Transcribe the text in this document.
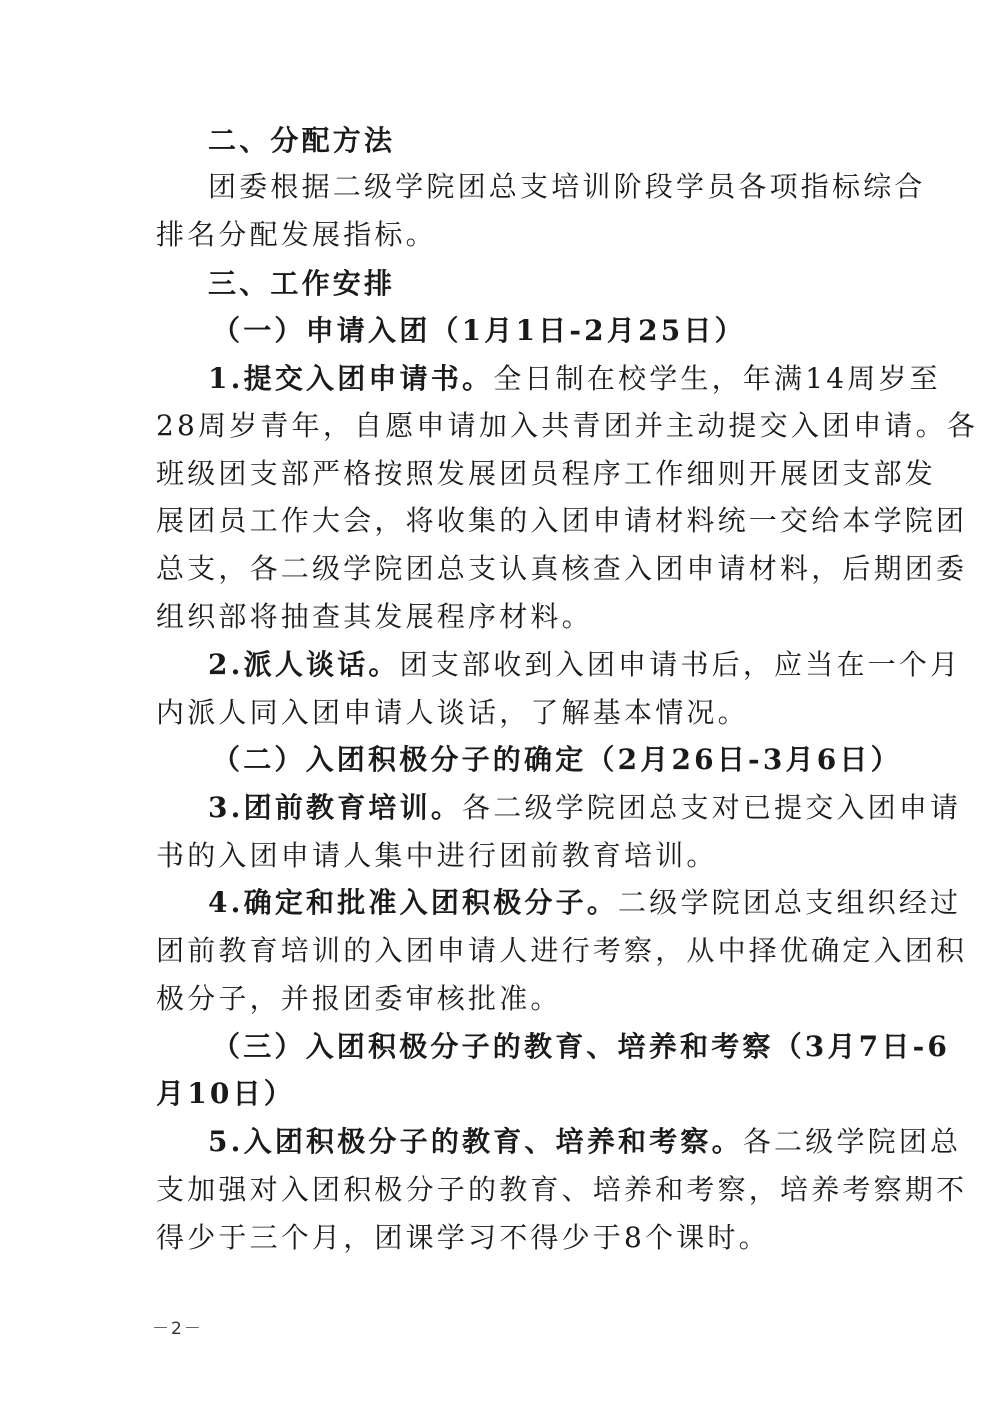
二、分配方法
团委根据二级学院团总支培训阶段学员各项指标综合
排名分配发展指标。
三、工作安排
（一）申请入团（1月1日-2月25日）
1.提交入团申请书。全日制在校学生，年满14周岁至
28周岁青年，自愿申请加入共青团并主动提交入团申请。各
班级团支部严格按照发展团员程序工作细则开展团支部发
展团员工作大会，将收集的入团申请材料统一交给本学院团
总支，各二级学院团总支认真核查入团申请材料，后期团委
组织部将抽查其发展程序材料。
2.派人谈话。团支部收到入团申请书后，应当在一个月
内派人同入团申请人谈话，了解基本情况。
（二）入团积极分子的确定（2月26日-3月6日）
3.团前教育培训。各二级学院团总支对已提交入团申请
书的入团申请人集中进行团前教育培训。
4.确定和批准入团积极分子。二级学院团总支组织经过
团前教育培训的入团申请人进行考察，从中择优确定入团积
极分子，并报团委审核批准。
（三）入团积极分子的教育、培养和考察（3月7日-6
月10日）
5.入团积极分子的教育、培养和考察。各二级学院团总
支加强对入团积极分子的教育、培养和考察，培养考察期不
得少于三个月，团课学习不得少于8个课时。
－2－
